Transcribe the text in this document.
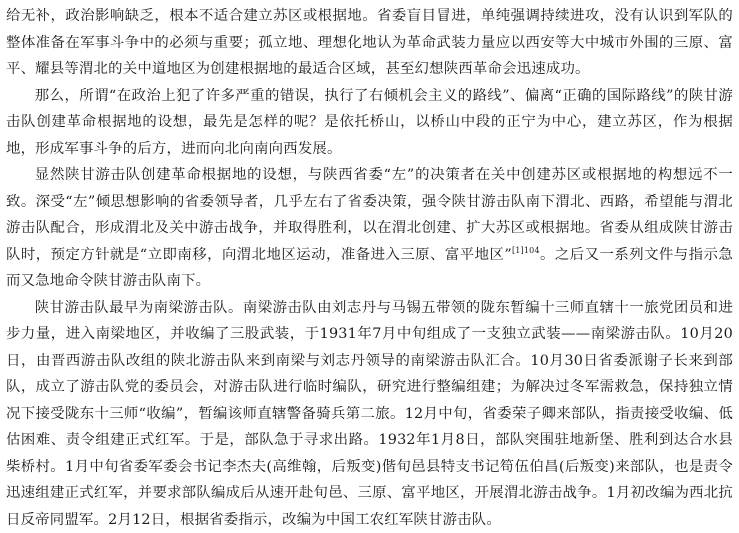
给无补，政治影响缺乏，根本不适合建立苏区或根据地。省委盲目冒进，单纯强调持续进攻，没有认识到军队的整体准备在军事斗争中的必须与重要；孤立地、理想化地认为革命武装力量应以西安等大中城市外围的三原、富平、耀县等渭北的关中道地区为创建根据地的最适合区域，甚至幻想陕西革命会迅速成功。

那么，所谓“在政治上犯了许多严重的错误，执行了右倾机会主义的路线”、偏离“正确的国际路线”的陕甘游击队创建革命根据地的设想，最先是怎样的呢？是依托桥山，以桥山中段的正宁为中心，建立苏区，作为根据地，形成军事斗争的后方，进而向北向南向西发展。

显然陕甘游击队创建革命根据地的设想，与陕西省委“左”的决策者在关中创建苏区或根据地的构想远不一致。深受“左”倾思想影响的省委领导者，几乎左右了省委决策，强令陕甘游击队南下渭北、西路，希望能与渭北游击队配合，形成渭北及关中游击战争，并取得胜利，以在渭北创建、扩大苏区或根据地。省委从组成陕甘游击队时，预定方针就是“立即南移，向渭北地区运动，准备进入三原、富平地区”$^{[1]104}$。之后又一系列文件与指示急而又急地命令陕甘游击队南下。

陕甘游击队最早为南梁游击队。南梁游击队由刘志丹与马锡五带领的陇东暂编十三师直辖十一旅党团员和进步力量，进入南梁地区，并收编了三股武装，于1931年7月中旬组成了一支独立武装——南梁游击队。10月20日，由晋西游击队改组的陕北游击队来到南梁与刘志丹领导的南梁游击队汇合。10月30日省委派谢子长来到部队，成立了游击队党的委员会，对游击队进行临时编队，研究进行整编组建；为解决过冬军需救急，保持独立情况下接受陇东十三师“收编”，暂编该师直辖警备骑兵第二旅。12月中旬，省委荣子卿来部队，指责接受收编、低估困难、责令组建正式红军。于是，部队急于寻求出路。1932年1月8日，部队突围驻地新堡、胜利到达合水县柴桥村。1月中旬省委军委会书记李杰夫(高维翰，后叛变)偕旬邑县特支书记笱伍伯昌(后叛变)来部队，也是责令迅速组建正式红军，并要求部队编成后从速开赴旬邑、三原、富平地区，开展渭北游击战争。1月初改编为西北抗日反帝同盟军。2月12日，根据省委指示，改编为中国工农红军陕甘游击队。
